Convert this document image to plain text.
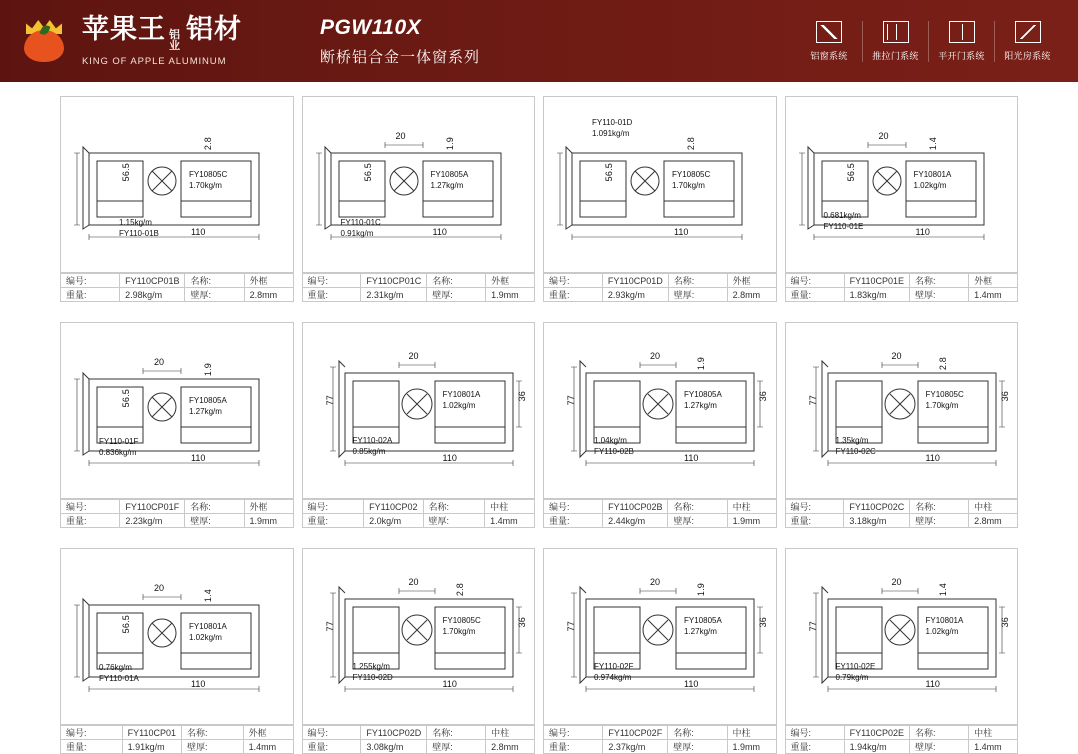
苹果王 铝
业
铝材
KING OF APPLE ALUMINUM
PGW110X
断桥铝合金一体窗系列	铝窗系统	推拉门系统	平开门系统	阳光房系统
56.5
2.8
110
FY10805C
1.70kg/m
1.15kg/m
FY110-01B
编号:	FY110CP01B	名称:	外框
重量:	2.98kg/m	壁厚:	2.8mm
56.5
20
1.9
110
FY10805A
1.27kg/m
FY110-01C
0.91kg/m
编号:	FY110CP01C	名称:	外框
重量:	2.31kg/m	壁厚:	1.9mm
56.5
2.8
110
FY10805C
1.70kg/m
FY110-01D
1.091kg/m
编号:	FY110CP01D	名称:	外框
重量:	2.93kg/m	壁厚:	2.8mm
56.5
20
1.4
110
FY10801A
1.02kg/m
0.681kg/m
FY110-01E
编号:	FY110CP01E	名称:	外框
重量:	1.83kg/m	壁厚:	1.4mm
56.5
20
1.9
110
FY10805A
1.27kg/m
FY110-01F
0.836kg/m
编号:	FY110CP01F	名称:	外框
重量:	2.23kg/m	壁厚:	1.9mm
77
20
36
110
FY10801A
1.02kg/m
FY110-02A
0.85kg/m
编号:	FY110CP02	名称:	中柱
重量:	2.0kg/m	壁厚:	1.4mm
77
20
1.9
36
110
FY10805A
1.27kg/m
1.04kg/m
FY110-02B
编号:	FY110CP02B	名称:	中柱
重量:	2.44kg/m	壁厚:	1.9mm
77
20
2.8
36
110
FY10805C
1.70kg/m
1.35kg/m
FY110-02C
编号:	FY110CP02C	名称:	中柱
重量:	3.18kg/m	壁厚:	2.8mm
56.5
20
1.4
110
FY10801A
1.02kg/m
0.76kg/m
FY110-01A
编号:	FY110CP01	名称:	外框
重量:	1.91kg/m	壁厚:	1.4mm
77
20
2.8
36
110
FY10805C
1.70kg/m
1.255kg/m
FY110-02D
编号:	FY110CP02D	名称:	中柱
重量:	3.08kg/m	壁厚:	2.8mm
77
20
1.9
36
110
FY10805A
1.27kg/m
FY110-02F
0.974kg/m
编号:	FY110CP02F	名称:	中柱
重量:	2.37kg/m	壁厚:	1.9mm
77
20
1.4
36
110
FY10801A
1.02kg/m
FY110-02E
0.79kg/m
编号:	FY110CP02E	名称:	中柱
重量:	1.94kg/m	壁厚:	1.4mm
